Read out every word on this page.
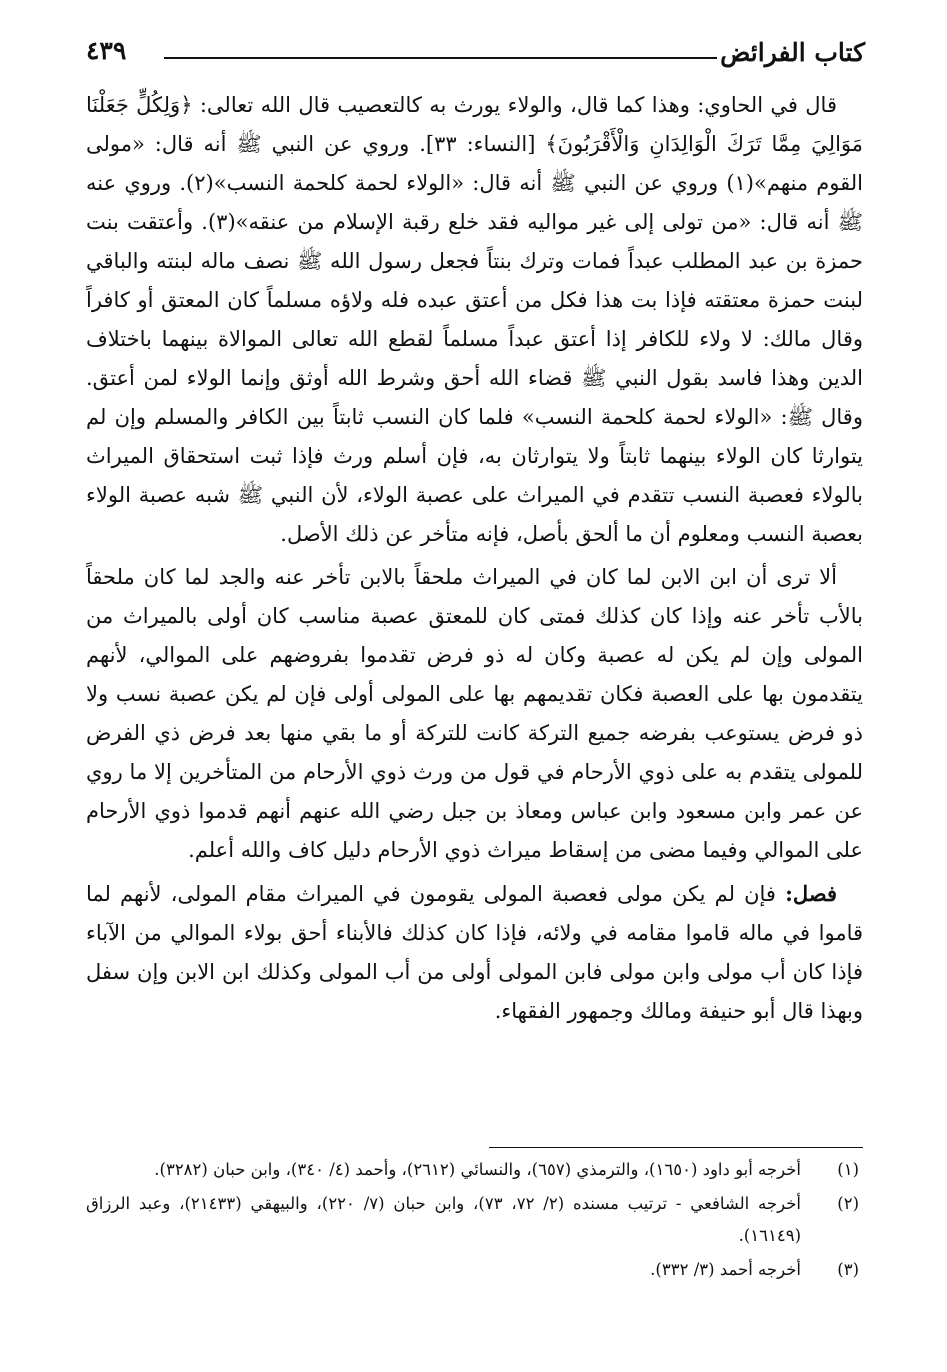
كتاب الفرائض
٤٣٩

قال في الحاوي: وهذا كما قال، والولاء يورث به كالتعصيب قال الله تعالى: ﴿وَلِكُلٍّ جَعَلْنَا مَوَالِيَ مِمَّا تَرَكَ الْوَالِدَانِ وَالْأَقْرَبُونَ﴾ [النساء: ٣٣]. وروي عن النبي ﷺ أنه قال: «مولى القوم منهم»(١) وروي عن النبي ﷺ أنه قال: «الولاء لحمة كلحمة النسب»(٢). وروي عنه ﷺ أنه قال: «من تولى إلى غير مواليه فقد خلع رقبة الإسلام من عنقه»(٣). وأعتقت بنت حمزة بن عبد المطلب عبداً فمات وترك بنتاً فجعل رسول الله ﷺ نصف ماله لبنته والباقي لبنت حمزة معتقته فإذا بت هذا فكل من أعتق عبده فله ولاؤه مسلماً كان المعتق أو كافراً وقال مالك: لا ولاء للكافر إذا أعتق عبداً مسلماً لقطع الله تعالى الموالاة بينهما باختلاف الدين وهذا فاسد بقول النبي ﷺ قضاء الله أحق وشرط الله أوثق وإنما الولاء لمن أعتق. وقال ﷺ: «الولاء لحمة كلحمة النسب» فلما كان النسب ثابتاً بين الكافر والمسلم وإن لم يتوارثا كان الولاء بينهما ثابتاً ولا يتوارثان به، فإن أسلم ورث فإذا ثبت استحقاق الميراث بالولاء فعصبة النسب تتقدم في الميراث على عصبة الولاء، لأن النبي ﷺ شبه عصبة الولاء بعصبة النسب ومعلوم أن ما ألحق بأصل، فإنه متأخر عن ذلك الأصل.

ألا ترى أن ابن الابن لما كان في الميراث ملحقاً بالابن تأخر عنه والجد لما كان ملحقاً بالأب تأخر عنه وإذا كان كذلك فمتى كان للمعتق عصبة مناسب كان أولى بالميراث من المولى وإن لم يكن له عصبة وكان له ذو فرض تقدموا بفروضهم على الموالي، لأنهم يتقدمون بها على العصبة فكان تقديمهم بها على المولى أولى فإن لم يكن عصبة نسب ولا ذو فرض يستوعب بفرضه جميع التركة كانت للتركة أو ما بقي منها بعد فرض ذي الفرض للمولى يتقدم به على ذوي الأرحام في قول من ورث ذوي الأرحام من المتأخرين إلا ما روي عن عمر وابن مسعود وابن عباس ومعاذ بن جبل رضي الله عنهم أنهم قدموا ذوي الأرحام على الموالي وفيما مضى من إسقاط ميراث ذوي الأرحام دليل كاف والله أعلم.

فصل: فإن لم يكن مولى فعصبة المولى يقومون في الميراث مقام المولى، لأنهم لما قاموا في ماله قاموا مقامه في ولائه، فإذا كان كذلك فالأبناء أحق بولاء الموالي من الآباء فإذا كان أب مولى وابن مولى فابن المولى أولى من أب المولى وكذلك ابن الابن وإن سفل وبهذا قال أبو حنيفة ومالك وجمهور الفقهاء.

(١)
أخرجه أبو داود (١٦٥٠)، والترمذي (٦٥٧)، والنسائي (٢٦١٢)، وأحمد (٤/ ٣٤٠)، وابن حبان (٣٢٨٢).

(٢)
أخرجه الشافعي - ترتيب مسنده (٢/ ٧٢، ٧٣)، وابن حبان (٧/ ٢٢٠)، والبيهقي (٢١٤٣٣)، وعبد الرزاق (١٦١٤٩).

(٣)
أخرجه أحمد (٣/ ٣٣٢).
